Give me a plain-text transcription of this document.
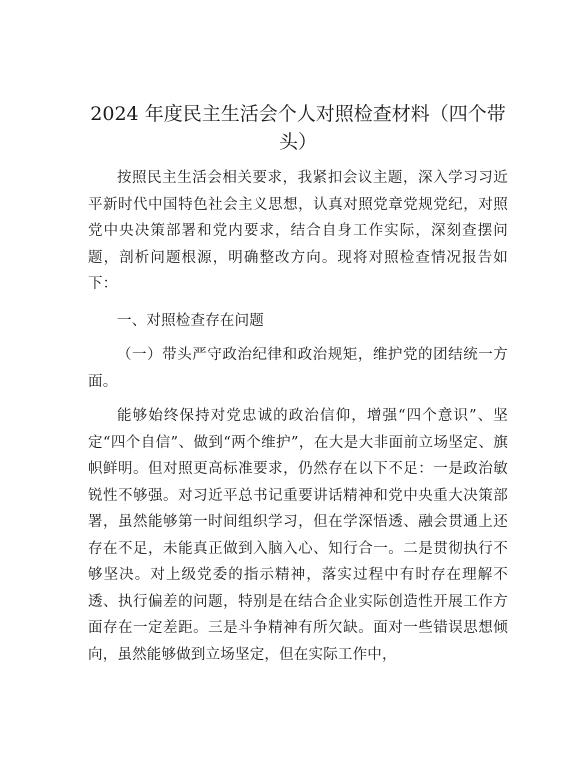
2024 年度民主生活会个人对照检查材料（四个带头）

按照民主生活会相关要求，我紧扣会议主题，深入学习习近平新时代中国特色社会主义思想，认真对照党章党规党纪，对照党中央决策部署和党内要求，结合自身工作实际，深刻查摆问题，剖析问题根源，明确整改方向。现将对照检查情况报告如下：

一、对照检查存在问题

（一）带头严守政治纪律和政治规矩，维护党的团结统一方面。

能够始终保持对党忠诚的政治信仰，增强“四个意识”、坚定“四个自信”、做到“两个维护”，在大是大非面前立场坚定、旗帜鲜明。但对照更高标准要求，仍然存在以下不足：一是政治敏锐性不够强。对习近平总书记重要讲话精神和党中央重大决策部署，虽然能够第一时间组织学习，但在学深悟透、融会贯通上还存在不足，未能真正做到入脑入心、知行合一。二是贯彻执行不够坚决。对上级党委的指示精神，落实过程中有时存在理解不透、执行偏差的问题，特别是在结合企业实际创造性开展工作方面存在一定差距。三是斗争精神有所欠缺。面对一些错误思想倾向，虽然能够做到立场坚定，但在实际工作中，
